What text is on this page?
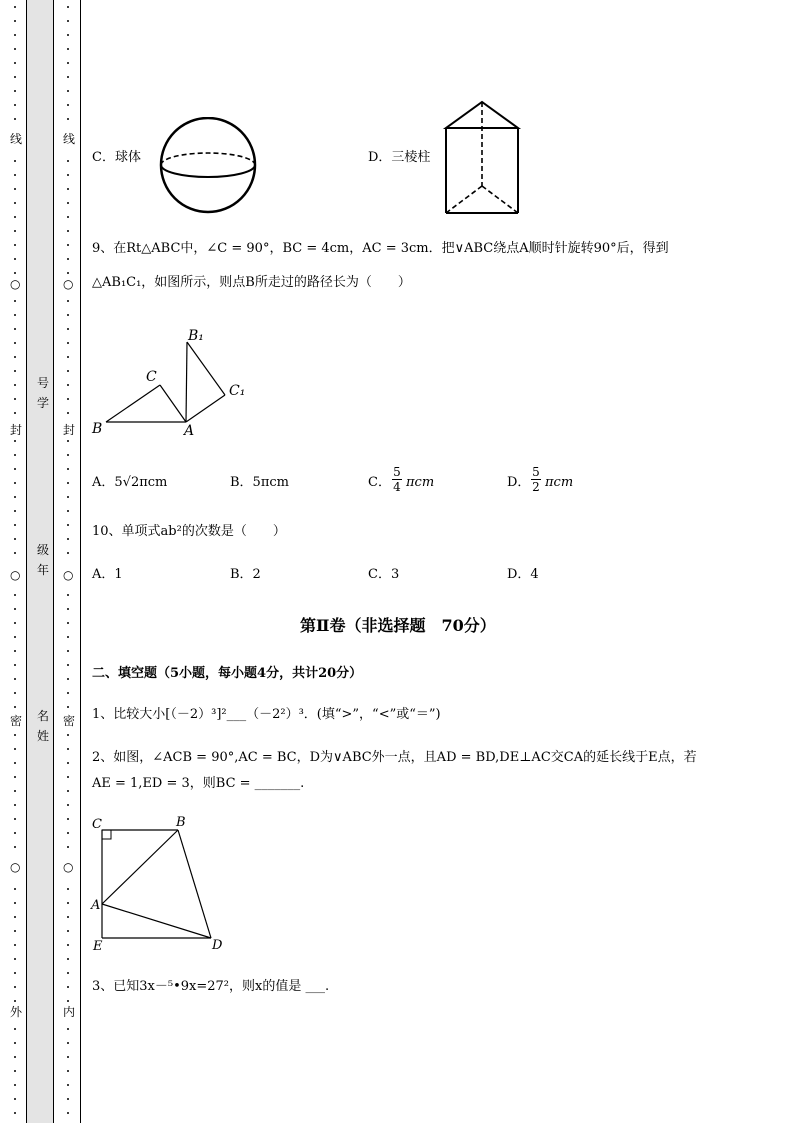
线
○
封
○
密
○
外
线
○
封
○
密
○
内
号
学
级
年
名
姓
C．球体	D．三棱柱
9、在Rt△ABC中，∠C = 90°，BC = 4cm，AC = 3cm．把∨ABC绕点A顺时针旋转90°后，得到
△AB₁C₁，如图所示，则点B所走过的路径长为（　　）
B₁
C
C₁
B	A
A．5√2πcm	B．5πcm	C． $\frac{5}{4}$ πcm	D． $\frac{5}{2}$ πcm
10、单项式ab²的次数是（　　）
A．1	B．2	C．3	D．4
第Ⅱ卷（非选择题　70分）
二、填空题（5小题，每小题4分，共计20分）
1、比较大小[（－2）³]²___（－2²）³．(填“>”，“<”或“＝”)
2、如图，∠ACB = 90°,AC = BC，D为∨ABC外一点，且AD = BD,DE⊥AC交CA的延长线于E点，若
AE = 1,ED = 3，则BC = _______.
C	B
A
E	D
3、已知3x－⁵•9x=27²，则x的值是 ___.
